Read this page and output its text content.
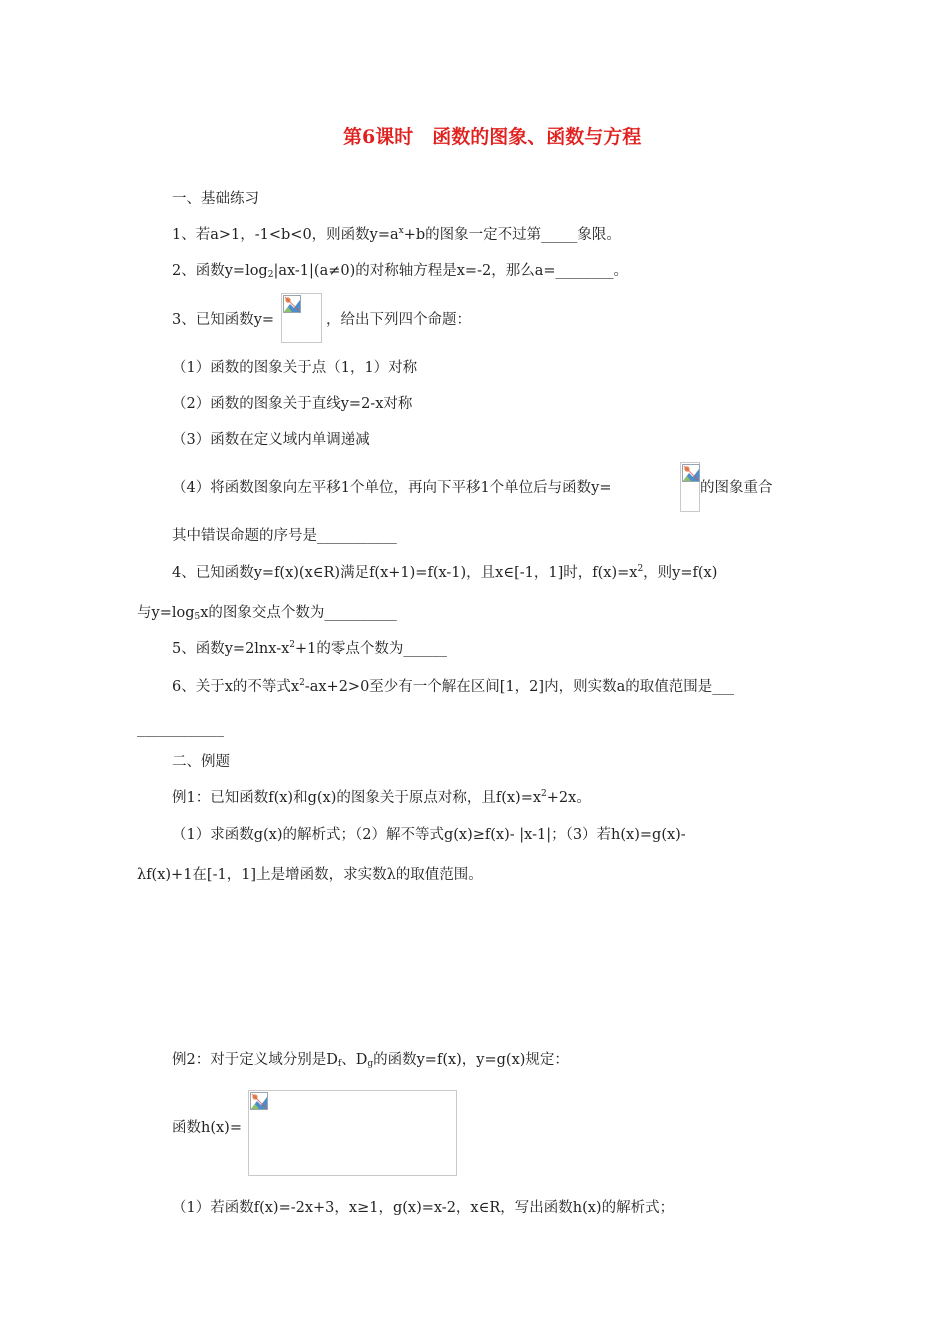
第6课时　函数的图象、函数与方程
一、基础练习
1、若a>1，-1<b<0，则函数$y=a^x+b$的图象一定不过第_____象限。
2、函数$y=\log_2|ax-1|(a\ne 0)$的对称轴方程是x=-2，那么a=________。
3、已知函数y=	，给出下列四个命题：
（1）函数的图象关于点（1，1）对称
（2）函数的图象关于直线y=2-x对称
（3）函数在定义域内单调递减
（4）将函数图象向左平移1个单位，再向下平移1个单位后与函数y=	的图象重合
其中错误命题的序号是___________
4、已知函数y=f(x)(x∈R)满足f(x+1)=f(x-1)，且x∈[-1，1]时，$f(x)=x^2$，则y=f(x)
与$y=\log_5x$的图象交点个数为__________
5、函数$y=2\ln x-x^2+1$的零点个数为______
6、关于x的不等式$x^2-ax+2>0$至少有一个解在区间[1，2]内，则实数a的取值范围是___
____________
二、例题
例1：已知函数f(x)和g(x)的图象关于原点对称，且$f(x)=x^2+2x$。
（1）求函数g(x)的解析式；（2）解不等式g(x)≥f(x)- |x-1|；（3）若h(x)=g(x)-
λf(x)+1在[-1，1]上是增函数，求实数λ的取值范围。
例2：对于定义域分别是$D_f$、$D_g$的函数y=f(x)，y=g(x)规定：
函数h(x)=
（1）若函数f(x)=-2x+3，x≥1，g(x)=x-2，x∈R，写出函数h(x)的解析式；
